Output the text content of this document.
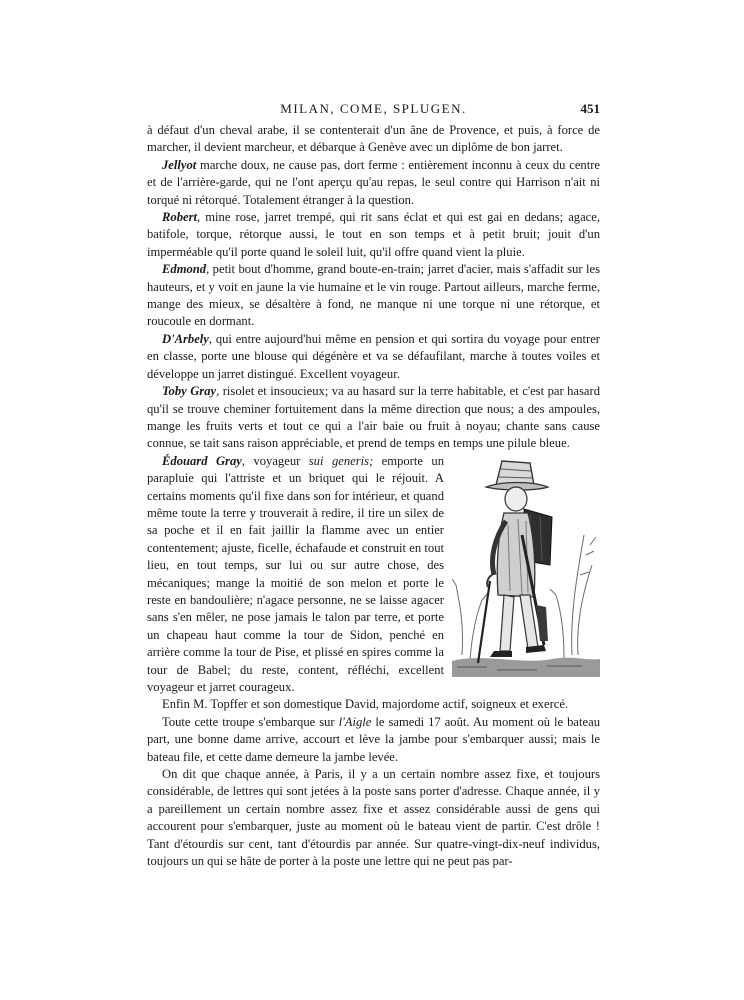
MILAN, COME, SPLUGEN.	451

à défaut d'un cheval arabe, il se contenterait d'un âne de Provence, et puis, à force de marcher, il devient marcheur, et débarque à Genève avec un diplôme de bon jarret.

Jellyot marche doux, ne cause pas, dort ferme : entièrement inconnu à ceux du centre et de l'arrière-garde, qui ne l'ont aperçu qu'au repas, le seul contre qui Harrison n'ait ni torqué ni rétorqué. Totalement étranger à la question.

Robert, mine rose, jarret trempé, qui rit sans éclat et qui est gai en dedans; agace, batifole, torque, rétorque aussi, le tout en son temps et à petit bruit; jouit d'un imperméable qu'il porte quand le soleil luit, qu'il offre quand vient la pluie.

Edmond, petit bout d'homme, grand boute-en-train; jarret d'acier, mais s'affadit sur les hauteurs, et y voit en jaune la vie humaine et le vin rouge. Partout ailleurs, marche ferme, mange des mieux, se désaltère à fond, ne manque ni une torque ni une rétorque, et roucoule en dormant.

D'Arbely, qui entre aujourd'hui même en pension et qui sortira du voyage pour entrer en classe, porte une blouse qui dégénère et va se défaufilant, marche à toutes voiles et développe un jarret distingué. Excellent voyageur.

Toby Gray, risolet et insoucieux; va au hasard sur la terre habitable, et c'est par hasard qu'il se trouve cheminer fortuitement dans la même direction que nous; a des ampoules, mange les fruits verts et tout ce qui a l'air baie ou fruit à noyau; chante sans cause connue, se tait sans raison appréciable, et prend de temps en temps une pilule bleue.

Édouard Gray, voyageur sui generis;
emporte un parapluie qui l'attriste et un briquet qui le réjouit. A certains moments qu'il fixe dans son for intérieur, et quand même toute la terre y trouverait à redire, il tire un silex de sa poche et il en fait jaillir la flamme avec un entier contentement; ajuste, ficelle, échafaude et construit en tout lieu, en tout temps, sur lui ou sur autre chose, des mécaniques; mange la moitié de son melon et porte le reste en bandoulière; n'agace personne, ne se laisse agacer sans s'en mêler, ne pose jamais le talon par terre, et porte un chapeau haut comme la tour de Sidon, penché en arrière comme la tour de Pise, et plissé en spires comme la tour de Babel; du reste, content, réfléchi, excellent voyageur et jarret courageux.

Enfin M. Topffer et son domestique David, majordome actif, soigneux et exercé.

Toute cette troupe s'embarque sur l'Aigle le samedi 17 août. Au moment où le bateau part, une bonne dame arrive, accourt et lève la jambe pour s'embarquer aussi; mais le bateau file, et cette dame demeure la jambe levée.

On dit que chaque année, à Paris, il y a un certain nombre assez fixe, et toujours considérable, de lettres qui sont jetées à la poste sans porter d'adresse. Chaque année, il y a pareillement un certain nombre assez fixe et assez considérable aussi de gens qui accourent pour s'embarquer, juste au moment où le bateau vient de partir. C'est drôle ! Tant d'étourdis sur cent, tant d'étourdis par année. Sur quatre-vingt-dix-neuf individus, toujours un qui se hâte de porter à la poste une lettre qui ne peut pas par-
